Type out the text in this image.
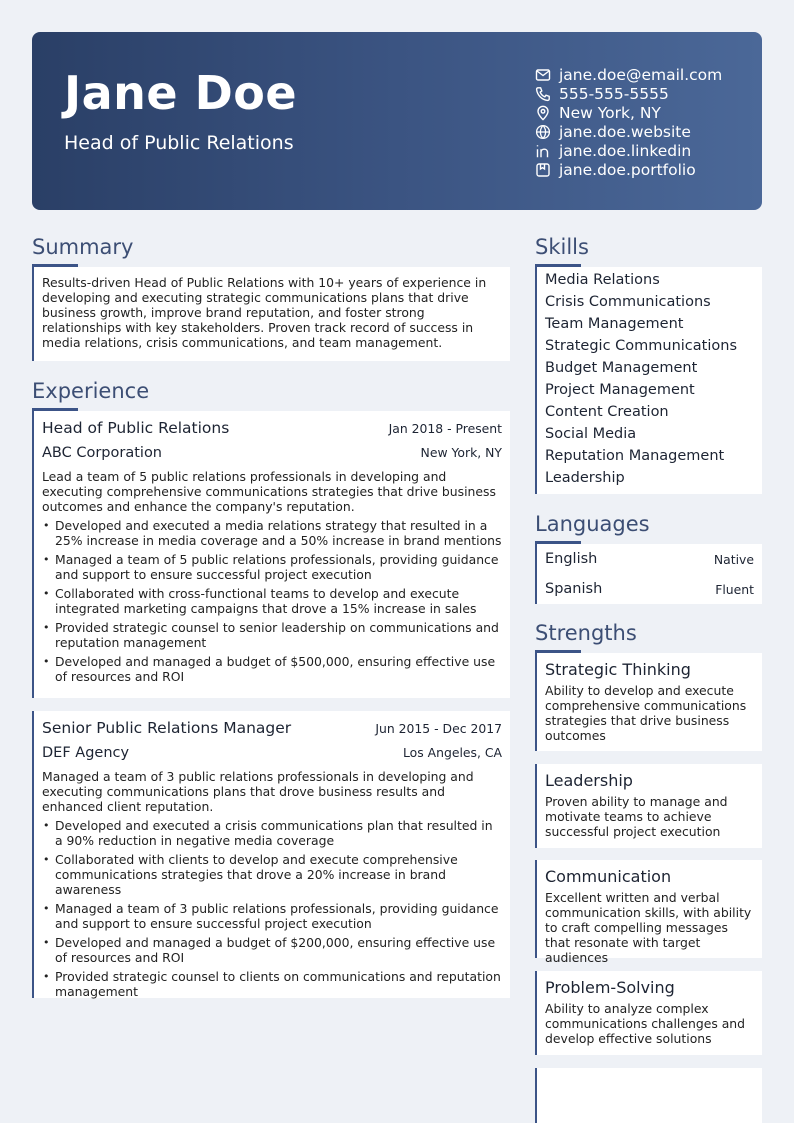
Jane Doe
Head of Public Relations
jane.doe@email.com
555-555-5555
New York, NY
jane.doe.website
jane.doe.linkedin
jane.doe.portfolio
Summary
Results-driven Head of Public Relations with 10+ years of experience in developing and executing strategic communications plans that drive business growth, improve brand reputation, and foster strong relationships with key stakeholders. Proven track record of success in media relations, crisis communications, and team management.
Experience
Head of Public Relations	Jan 2018 - Present
ABC Corporation	New York, NY
Lead a team of 5 public relations professionals in developing and executing comprehensive communications strategies that drive business outcomes and enhance the company's reputation.
• Developed and executed a media relations strategy that resulted in a 25% increase in media coverage and a 50% increase in brand mentions
• Managed a team of 5 public relations professionals, providing guidance and support to ensure successful project execution
• Collaborated with cross-functional teams to develop and execute integrated marketing campaigns that drove a 15% increase in sales
• Provided strategic counsel to senior leadership on communications and reputation management
• Developed and managed a budget of $500,000, ensuring effective use of resources and ROI
Senior Public Relations Manager	Jun 2015 - Dec 2017
DEF Agency	Los Angeles, CA
Managed a team of 3 public relations professionals in developing and executing communications plans that drove business results and enhanced client reputation.
• Developed and executed a crisis communications plan that resulted in a 90% reduction in negative media coverage
• Collaborated with clients to develop and execute comprehensive communications strategies that drove a 20% increase in brand awareness
• Managed a team of 3 public relations professionals, providing guidance and support to ensure successful project execution
• Developed and managed a budget of $200,000, ensuring effective use of resources and ROI
• Provided strategic counsel to clients on communications and reputation management
Skills
Media Relations
Crisis Communications
Team Management
Strategic Communications
Budget Management
Project Management
Content Creation
Social Media
Reputation Management
Leadership
Languages
English	Native
Spanish	Fluent
Strengths
Strategic Thinking
Ability to develop and execute comprehensive communications strategies that drive business outcomes
Leadership
Proven ability to manage and motivate teams to achieve successful project execution
Communication
Excellent written and verbal communication skills, with ability to craft compelling messages that resonate with target audiences
Problem-Solving
Ability to analyze complex communications challenges and develop effective solutions
